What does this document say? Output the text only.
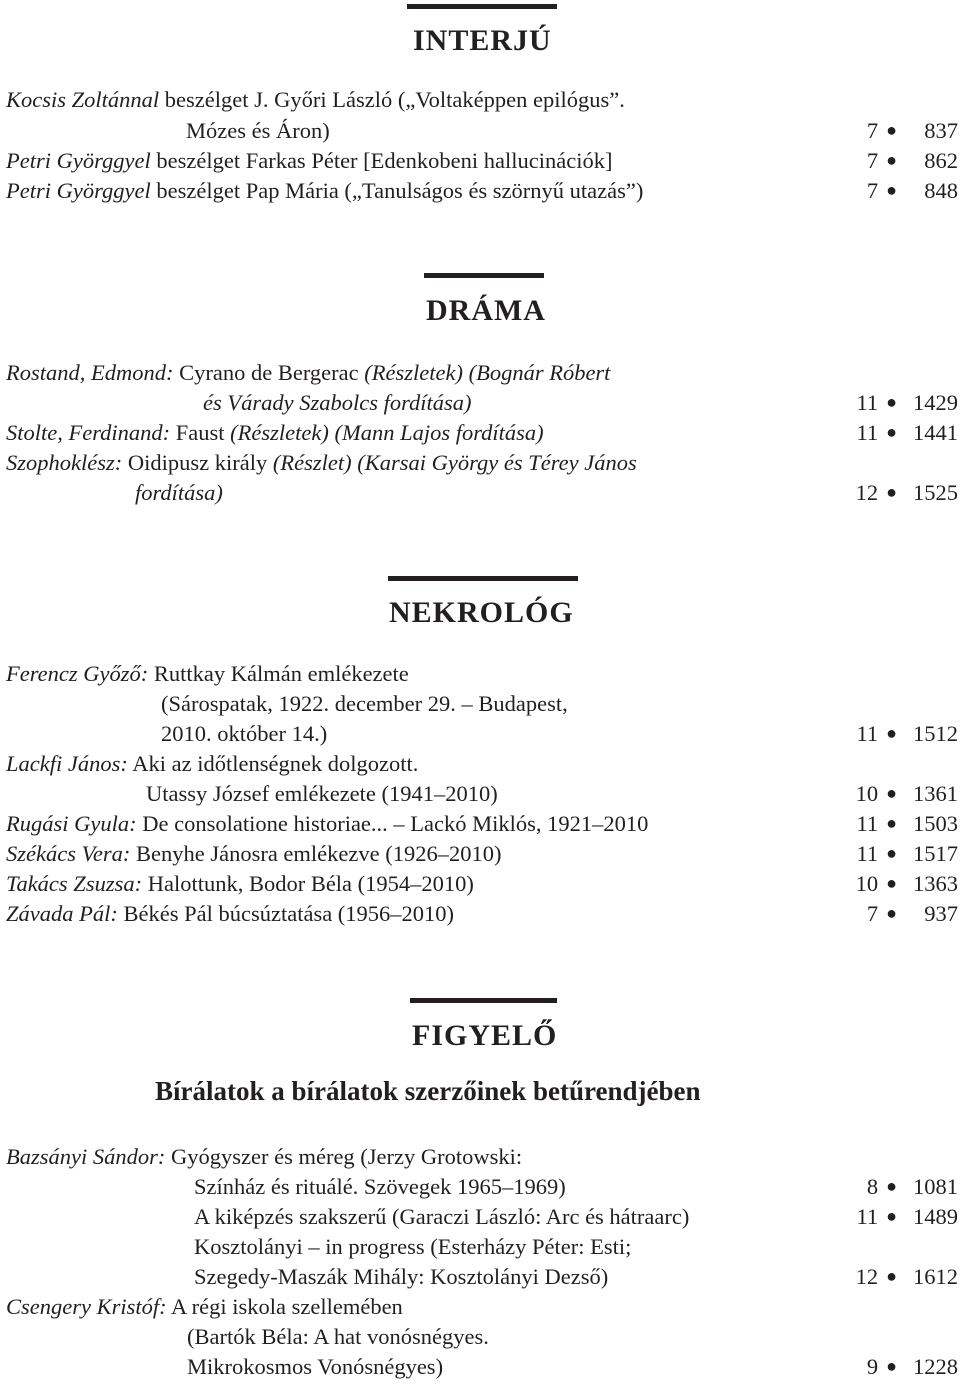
INTERJÚ
Kocsis Zoltánnal beszélget J. Győri László („Voltaképpen epilógus”.
Mózes és Áron)	7 ● 837
Petri Györggyel beszélget Farkas Péter [Edenkobeni hallucinációk]	7 ● 862
Petri Györggyel beszélget Pap Mária („Tanulságos és szörnyű utazás”)	7 ● 848
DRÁMA
Rostand, Edmond: Cyrano de Bergerac (Részletek) (Bognár Róbert
és Várady Szabolcs fordítása)	11 ● 1429
Stolte, Ferdinand: Faust (Részletek) (Mann Lajos fordítása)	11 ● 1441
Szophoklész: Oidipusz király (Részlet) (Karsai György és Térey János
fordítása)	12 ● 1525
NEKROLÓG
Ferencz Győző: Ruttkay Kálmán emlékezete
(Sárospatak, 1922. december 29. – Budapest,
2010. október 14.)	11 ● 1512
Lackfi János: Aki az időtlenségnek dolgozott.
Utassy József emlékezete (1941–2010)	10 ● 1361
Rugási Gyula: De consolatione historiae... – Lackó Miklós, 1921–2010	11 ● 1503
Székács Vera: Benyhe Jánosra emlékezve (1926–2010)	11 ● 1517
Takács Zsuzsa: Halottunk, Bodor Béla (1954–2010)	10 ● 1363
Závada Pál: Békés Pál búcsúztatása (1956–2010)	7 ● 937
FIGYELŐ
Bírálatok a bírálatok szerzőinek betűrendjében
Bazsányi Sándor: Gyógyszer és méreg (Jerzy Grotowski:
Színház és rituálé. Szövegek 1965–1969)	8 ● 1081
A kiképzés szakszerű (Garaczi László: Arc és hátraarc)	11 ● 1489
Kosztolányi – in progress (Esterházy Péter: Esti;
Szegedy-Maszák Mihály: Kosztolányi Dezső)	12 ● 1612
Csengery Kristóf: A régi iskola szellemében
(Bartók Béla: A hat vonósnégyes.
Mikrokosmos Vonósnégyes)	9 ● 1228
